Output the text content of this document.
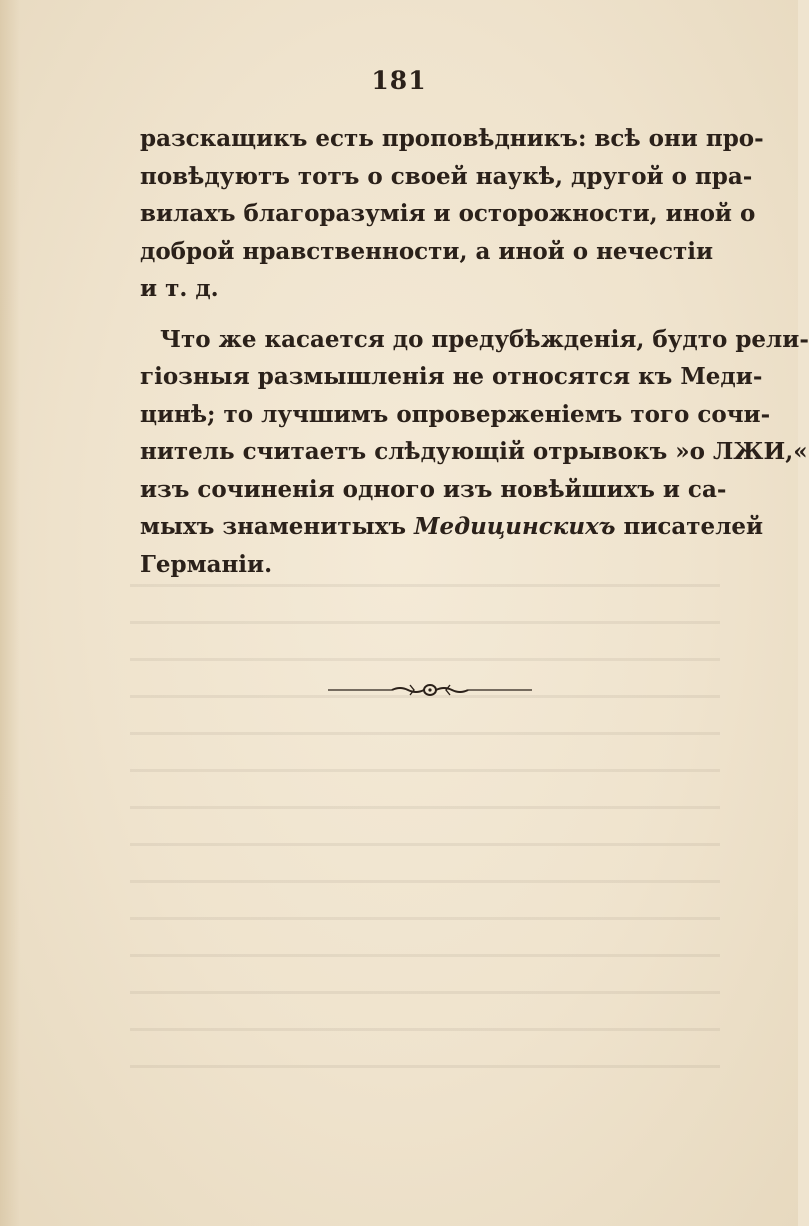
181
разскащикъ есть проповѣдникъ: всѣ они про-
повѣдуютъ тотъ о своей наукѣ, другой о пра-
вилахъ благоразумія и осторожности, иной о
доброй нравственности, а иной о нечестіи
и т. д.
Что же касается до предубѣжденія, будто рели-
гіозныя размышленія не относятся къ Меди-
цинѣ; то лучшимъ опроверженіемъ того сочи-
нитель считаетъ слѣдующій отрывокъ »о ЛЖИ,«
изъ сочиненія одного изъ новѣйшихъ и са-
мыхъ знаменитыхъ Медицинскихъ писателей
Германіи.
